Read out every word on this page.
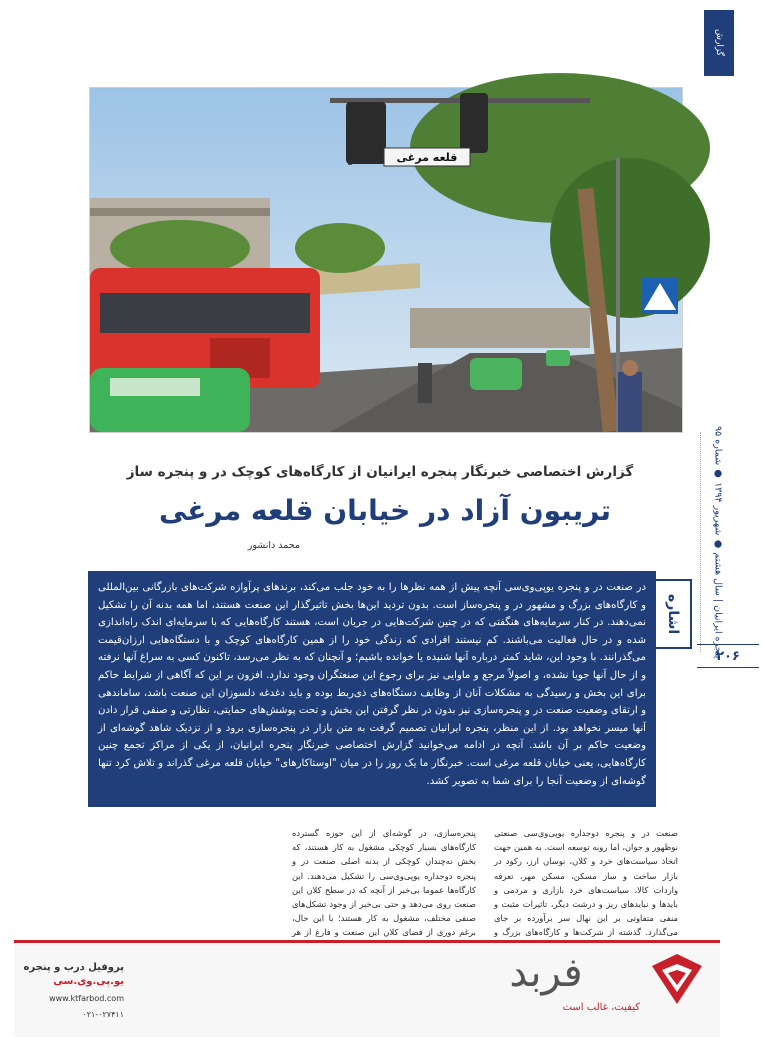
گزارش
قلعه مرغی
پنجره ایرانیان | سال هشتم ● شهریور ۱۳۹۴ ● شماره ۹۵
۲۰۶
گزارش اختصاصی خبرنگار پنجره ایرانیان از کارگاه‌های کوچک در و پنجره ساز
تریبون آزاد در خیابان قلعه مرغی
محمد دانشور
در صنعت در و پنجره یوپی‌وی‌سی آنچه پیش از همه نظرها را به خود جلب می‌کند، برندهای پرآوازه شرکت‌های بازرگانی بین‌المللی و کارگاه‌های بزرگ و مشهور در و پنجره‌ساز است. بدون تردید این‌ها بخش تاثیرگذار این صنعت هستند، اما همه بدنه آن را تشکیل نمی‌دهند. در کنار سرمایه‌های هنگفتی که در چنین شرکت‌هایی در جریان است، هستند کارگاه‌هایی که با سرمایه‌ای اندک راه‌اندازی شده و در حال فعالیت می‌باشند. کم نیستند افرادی که زندگی خود را از همین کارگاه‌های کوچک و با دستگاه‌هایی ارزان‌قیمت می‌گذرانند. با وجود این، شاید کمتر درباره آنها شنیده یا خوانده باشیم؛ و آنچنان که به نظر می‌رسد، تاکنون کسی به سراغ آنها نرفته و از حال آنها جویا نشده، و اصولاً مرجع و ماوایی نیز برای رجوع این صنعتگران وجود ندارد. افزون بر این که آگاهی از شرایط حاکم برای این بخش و رسیدگی به مشکلات آنان از وظایف دستگاه‌های ذی‌ربط بوده و باید دغدغه دلسوزان این صنعت باشد، ساماندهی و ارتقای وضعیت صنعت در و پنجره‌سازی نیز بدون در نظر گرفتن این بخش و تحت پوشش‌های حمایتی، نظارتی و صنفی قرار دادن آنها میسر نخواهد بود. از این منظر، پنجره ایرانیان تصمیم گرفت به متن بازار در پنجره‌سازی برود و از نزدیک شاهد گوشه‌ای از وضعیت حاکم بر آن باشد. آنچه در ادامه می‌خوانید گزارش اختصاصی خبرنگار پنجره ایرانیان، از یکی از مراکز تجمع چنین کارگاه‌هایی، یعنی خیابان قلعه مرغی است. خبرنگار ما یک روز را در میان "اوستاکارهای" خیابان قلعه مرغی گذراند و تلاش کرد تنها گوشه‌ای از وضعیت آنجا را برای شما به تصویر کشد.
اشاره
صنعت در و پنجره دوجداره یوپی‌وی‌سی صنعتی نوظهور و جوان، اما روبه توسعه است. به همین جهت اتخاذ سیاست‌های خرد و کلان، نوسان ارز، رکود در بازار ساخت و ساز مسکن، مسکن مهر، تعرفه واردات کالا، سیاست‌های خرد بازاری و مردمی و بایدها و نبایدهای ریز و درشت دیگر، تاثیرات مثبت و منفی متفاوتی بر این نهال سر برآورده بر جای می‌گذارد. گذشته از شرکت‌ها و کارگاه‌های بزرگ و
پنجره‌سازی، در گوشه‌ای از این حوزه گسترده کارگاه‌های بسیار کوچکی مشغول به کار هستند، که بخش نه‌چندان کوچکی از بدنه اصلی صنعت در و پنجره دوجداره یوپی‌وی‌سی را تشکیل می‌دهند. این کارگاه‌ها عموما بی‌خبر از آنچه که در سطح کلان این صنعت روی می‌دهد و حتی بی‌خبر از وجود تشکل‌های صنفی مختلف، مشغول به کار هستند؛ با این حال، برغم دوری از فضای کلان این صنعت و فارغ از هر
فربد
کیفیت، غالب است
پروفیل درب و پنجره
یو.پی.وی.سی
www.ktfarbod.com
۰۲۱-۰۲۷۴۱۱
